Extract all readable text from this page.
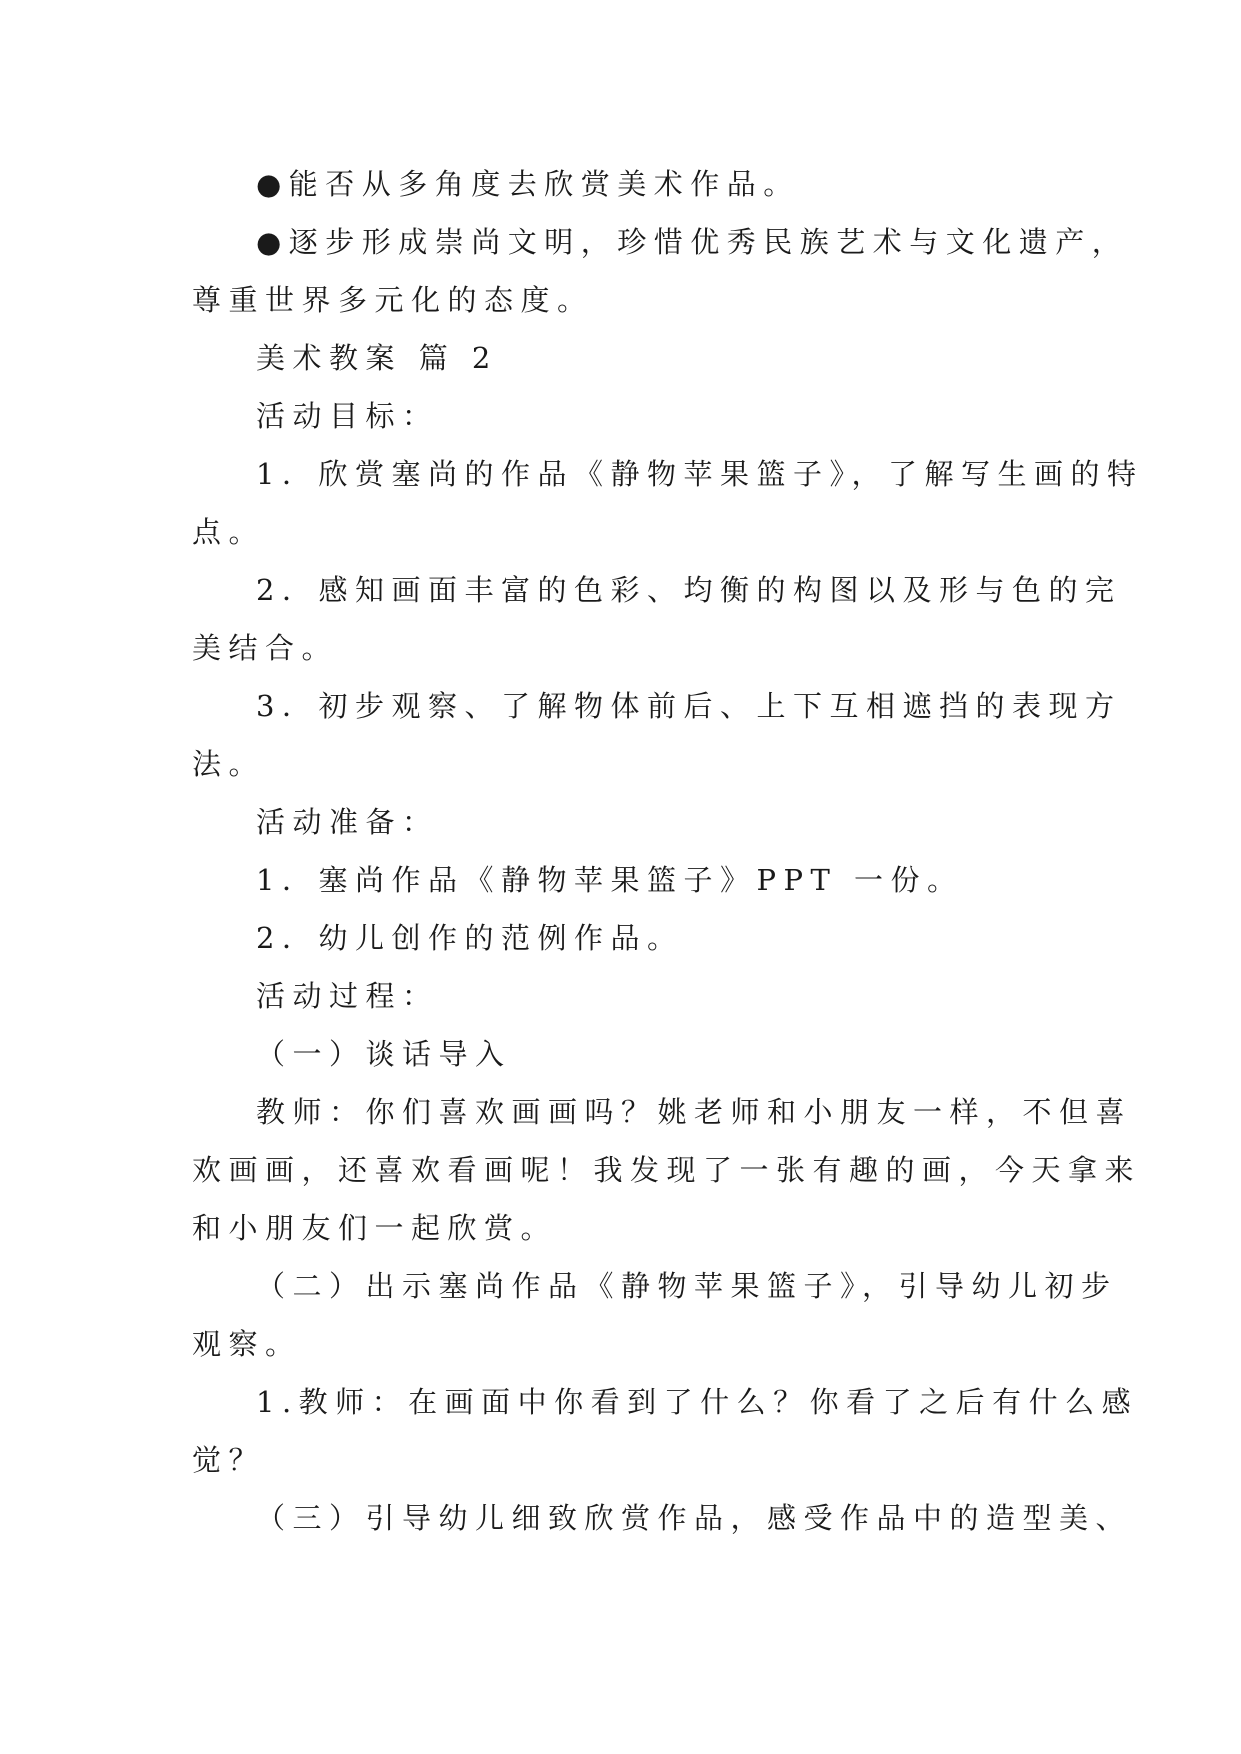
●能否从多角度去欣赏美术作品。
●逐步形成崇尚文明，珍惜优秀民族艺术与文化遗产，
尊重世界多元化的态度。
美术教案 篇 2
活动目标：
1．欣赏塞尚的作品《静物苹果篮子》，了解写生画的特
点。
2．感知画面丰富的色彩、均衡的构图以及形与色的完
美结合。
3．初步观察、了解物体前后、上下互相遮挡的表现方
法。
活动准备：
1．塞尚作品《静物苹果篮子》PPT 一份。
2．幼儿创作的范例作品。
活动过程：
（一）谈话导入
教师：你们喜欢画画吗？姚老师和小朋友一样，不但喜
欢画画，还喜欢看画呢！我发现了一张有趣的画，今天拿来
和小朋友们一起欣赏。
（二）出示塞尚作品《静物苹果篮子》，引导幼儿初步
观察。
1.教师：在画面中你看到了什么？你看了之后有什么感
觉？
（三）引导幼儿细致欣赏作品，感受作品中的造型美、
